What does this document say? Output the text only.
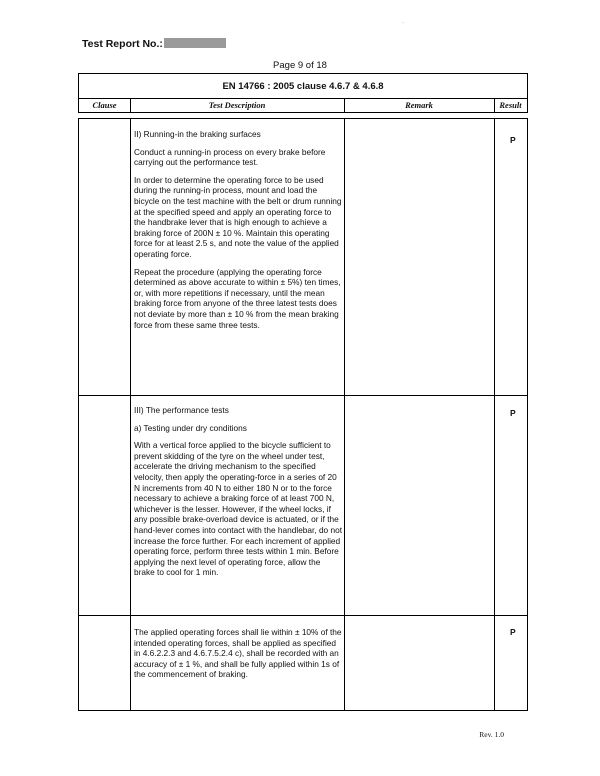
·
Test Report No.:
Page 9 of 18
EN 14766 : 2005 clause 4.6.7 & 4.6.8
Clause	Test Description	Remark	Result

II) Running-in the braking surfaces

Conduct a running-in process on every brake before carrying out the performance test.

In order to determine the operating force to be used during the running-in process, mount and load the bicycle on the test machine with the belt or drum running at the specified speed and apply an operating force to the handbrake lever that is high enough to achieve a braking force of 200N ± 10 %. Maintain this operating force for at least 2.5 s, and note the value of the applied operating force.

Repeat the procedure (applying the operating force determined as above accurate to within ± 5%) ten times, or, with more repetitions if necessary, until the mean braking force from anyone of the three latest tests does not deviate by more than ± 10 % from the mean braking force from these same three tests.

P

III) The performance tests

a) Testing under dry conditions

With a vertical force applied to the bicycle sufficient to prevent skidding of the tyre on the wheel under test, accelerate the driving mechanism to the specified velocity, then apply the operating-force in a series of 20 N increments from 40 N to either 180 N or to the force necessary to achieve a braking force of at least 700 N, whichever is the lesser. However, if the wheel locks, if any possible brake-overload device is actuated, or if the hand-lever comes into contact with the handlebar, do not increase the force further. For each increment of applied operating force, perform three tests within 1 min. Before applying the next level of operating force, allow the brake to cool for 1 min.

P

The applied operating forces shall lie within ± 10% of the intended operating forces, shall be applied as specified in 4.6.2.2.3 and 4.6.7.5.2.4 c), shall be recorded with an accuracy of ± 1 %, and shall be fully applied within 1s of the commencement of braking.

P
Rev. 1.0
